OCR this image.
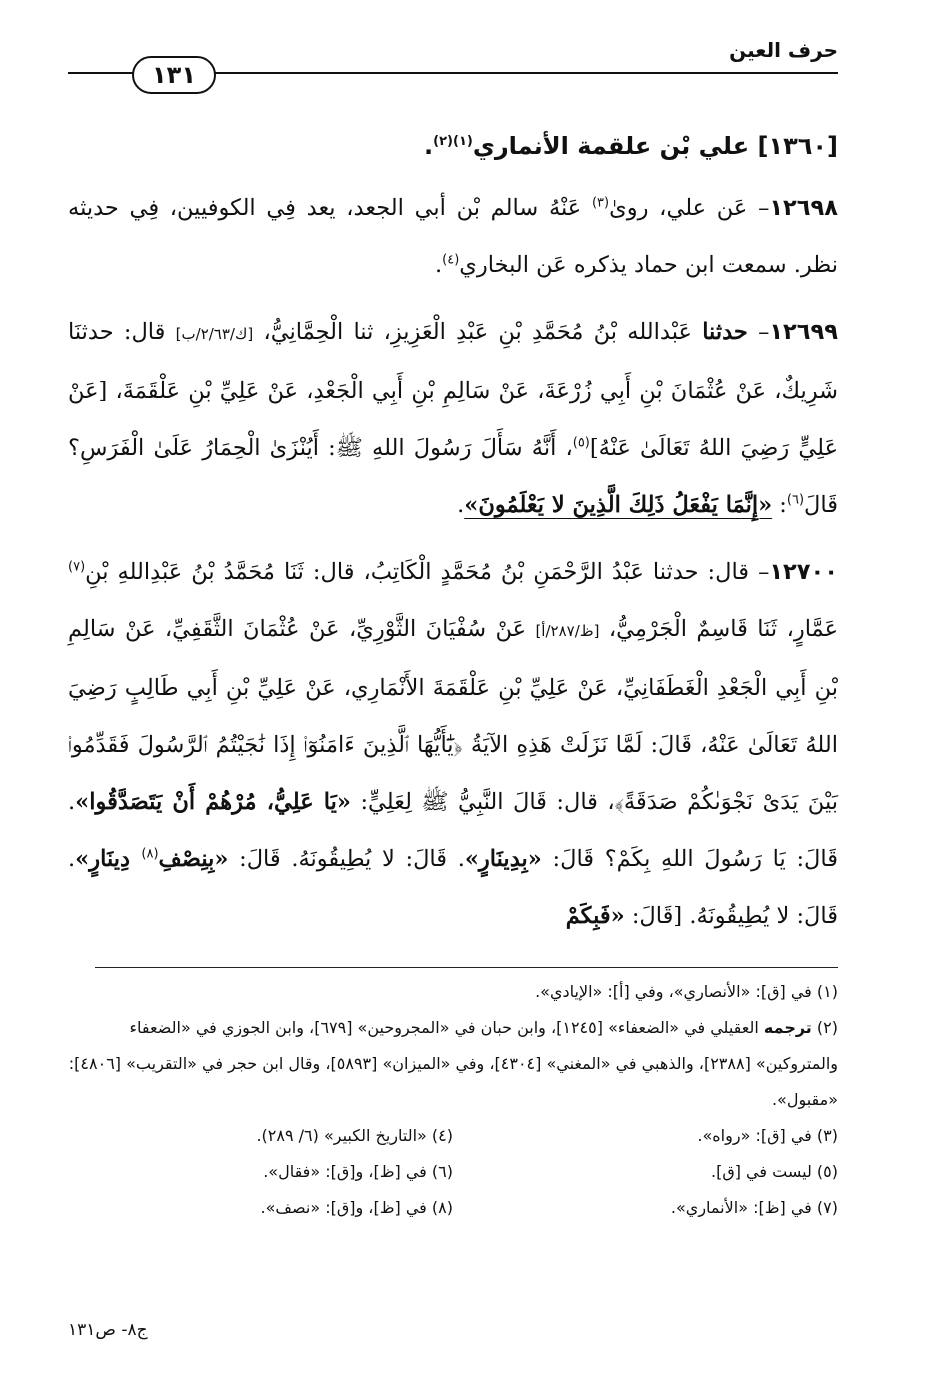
حرف العين
١٣١

[١٣٦٠] علي بْن علقمة الأنماري$^{(١)(٢)}$.

١٢٦٩٨– عَن علي، روىٰ$^{(٣)}$ عَنْهُ سالم بْن أبي الجعد، يعد فِي الكوفيين، فِي حديثه نظر. سمعت ابن حماد يذكره عَن البخاري$^{(٤)}$.

١٢٦٩٩– حدثنا عَبْدالله بْنُ مُحَمَّدِ بْنِ عَبْدِ الْعَزِيزِ، ثنا الْحِمَّانِيُّ، [ك/٢/٦٣/ب] قال: حدثنَا شَرِيكٌ، عَنْ عُثْمَانَ بْنِ أَبِي زُرْعَةَ، عَنْ سَالِمِ بْنِ أَبِي الْجَعْدِ، عَنْ عَلِيِّ بْنِ عَلْقَمَةَ، [عَنْ عَلِيٍّ رَضِيَ اللهُ تَعَالَىٰ عَنْهُ]$^{(٥)}$، أَنَّهُ سَأَلَ رَسُولَ اللهِ ﷺ: أَيُنْزَىٰ الْحِمَارُ عَلَىٰ الْفَرَسِ؟ قَالَ$^{(٦)}$: «إِنَّمَا يَفْعَلُ ذَلِكَ الَّذِينَ لا يَعْلَمُونَ».

١٢٧٠٠– قال: حدثنا عَبْدُ الرَّحْمَنِ بْنُ مُحَمَّدٍ الْكَاتِبُ، قال: ثَنَا مُحَمَّدُ بْنُ عَبْدِاللهِ بْنِ$^{(٧)}$ عَمَّارٍ، ثَنَا قَاسِمٌ الْجَرْمِيُّ، [ظ/٢٨٧/أ] عَنْ سُفْيَانَ الثَّوْرِيِّ، عَنْ عُثْمَانَ الثَّقَفِيِّ، عَنْ سَالِمِ بْنِ أَبِي الْجَعْدِ الْغَطَفَانِيِّ، عَنْ عَلِيِّ بْنِ عَلْقَمَةَ الأَنْمَارِي، عَنْ عَلِيِّ بْنِ أَبِي طَالِبٍ رَضِيَ اللهُ تَعَالَىٰ عَنْهُ، قَالَ: لَمَّا نَزَلَتْ هَذِهِ الآيَةُ ﴿يَٰٓأَيُّهَا ٱلَّذِينَ ءَامَنُوٓا۟ إِذَا نَٰجَيْتُمُ ٱلرَّسُولَ فَقَدِّمُوا۟ بَيْنَ يَدَىْ نَجْوَىٰكُمْ صَدَقَةً﴾، قال: قَالَ النَّبِيُّ ﷺ لِعَلِيٍّ: «يَا عَلِيُّ، مُرْهُمْ أَنْ يَتَصَدَّقُوا». قَالَ: يَا رَسُولَ اللهِ بِكَمْ؟ قَالَ: «بِدِينَارٍ». قَالَ: لا يُطِيقُونَهُ. قَالَ: «بِنِصْفِ$^{(٨)}$ دِينَارٍ». قَالَ: لا يُطِيقُونَهُ. [قَالَ: «فَبِكَمْ

(١) في [ق]: «الأنصاري»، وفي [أ]: «الإيادي».

(٢) ترجمه العقيلي في «الضعفاء» [١٢٤٥]، وابن حبان في «المجروحين» [٦٧٩]، وابن الجوزي في «الضعفاء والمتروكين» [٢٣٨٨]، والذهبي في «المغني» [٤٣٠٤]، وفي «الميزان» [٥٨٩٣]، وقال ابن حجر في «التقريب» [٤٨٠٦]: «مقبول».

(٣) في [ق]: «رواه».

(٤) «التاريخ الكبير» (٦/ ٢٨٩).

(٥) ليست في [ق].

(٦) في [ظ]، و[ق]: «فقال».

(٧) في [ظ]: «الأنماري».

(٨) في [ظ]، و[ق]: «نصف».

ج٨- ص١٣١
